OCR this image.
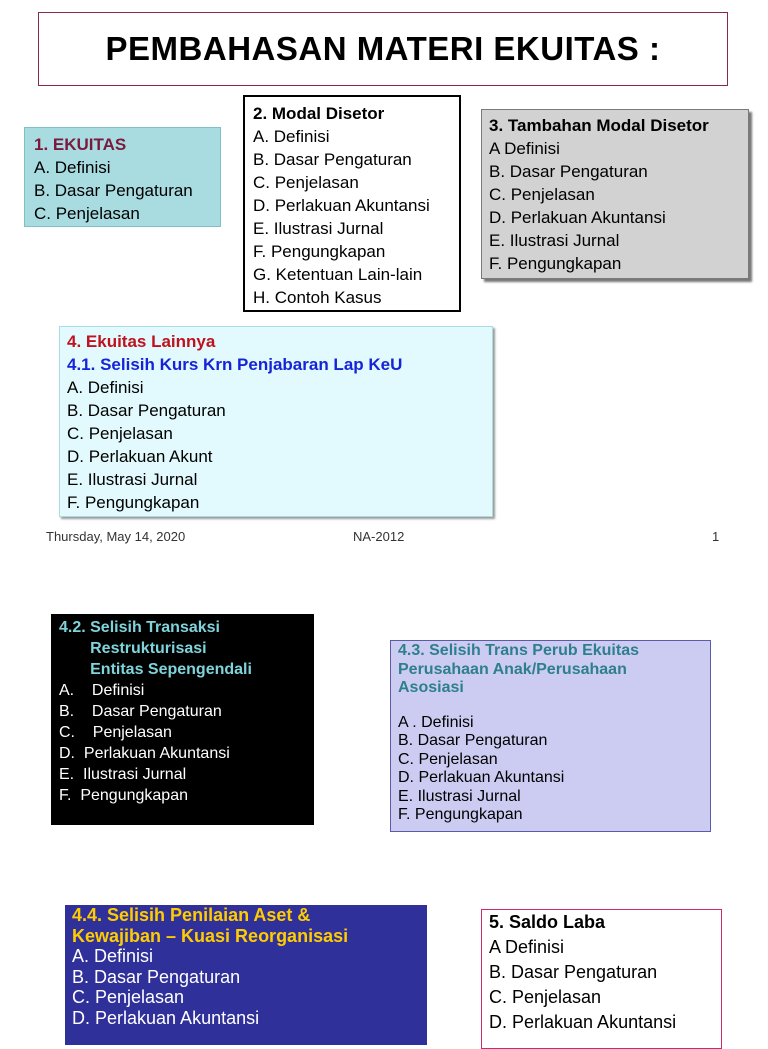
PEMBAHASAN MATERI EKUITAS :
1. EKUITAS
A. Definisi
B. Dasar Pengaturan
C. Penjelasan
2. Modal Disetor
A. Definisi
B. Dasar Pengaturan
C. Penjelasan
D. Perlakuan Akuntansi
E. Ilustrasi Jurnal
F. Pengungkapan
G. Ketentuan Lain-lain
H. Contoh Kasus
3. Tambahan Modal Disetor
A Definisi
B. Dasar Pengaturan
C. Penjelasan
D. Perlakuan Akuntansi
E. Ilustrasi Jurnal
F. Pengungkapan
4. Ekuitas Lainnya
4.1. Selisih Kurs Krn Penjabaran Lap KeU
A. Definisi
B. Dasar Pengaturan
C. Penjelasan
D. Perlakuan Akunt
E. Ilustrasi Jurnal
F. Pengungkapan
Thursday, May 14, 2020	NA-2012	1
4.2. Selisih Transaksi
Restrukturisasi
Entitas Sepengendali
A.    Definisi
B.    Dasar Pengaturan
C.    Penjelasan
D.  Perlakuan Akuntansi
E.  Ilustrasi Jurnal
F.  Pengungkapan
4.3. Selisih Trans Perub Ekuitas
Perusahaan Anak/Perusahaan
Asosiasi
A . Definisi
B. Dasar Pengaturan
C. Penjelasan
D. Perlakuan Akuntansi
E. Ilustrasi Jurnal
F. Pengungkapan
4.4. Selisih Penilaian Aset &
Kewajiban – Kuasi Reorganisasi
A. Definisi
B. Dasar Pengaturan
C. Penjelasan
D. Perlakuan Akuntansi
5. Saldo Laba
A Definisi
B. Dasar Pengaturan
C. Penjelasan
D. Perlakuan Akuntansi
